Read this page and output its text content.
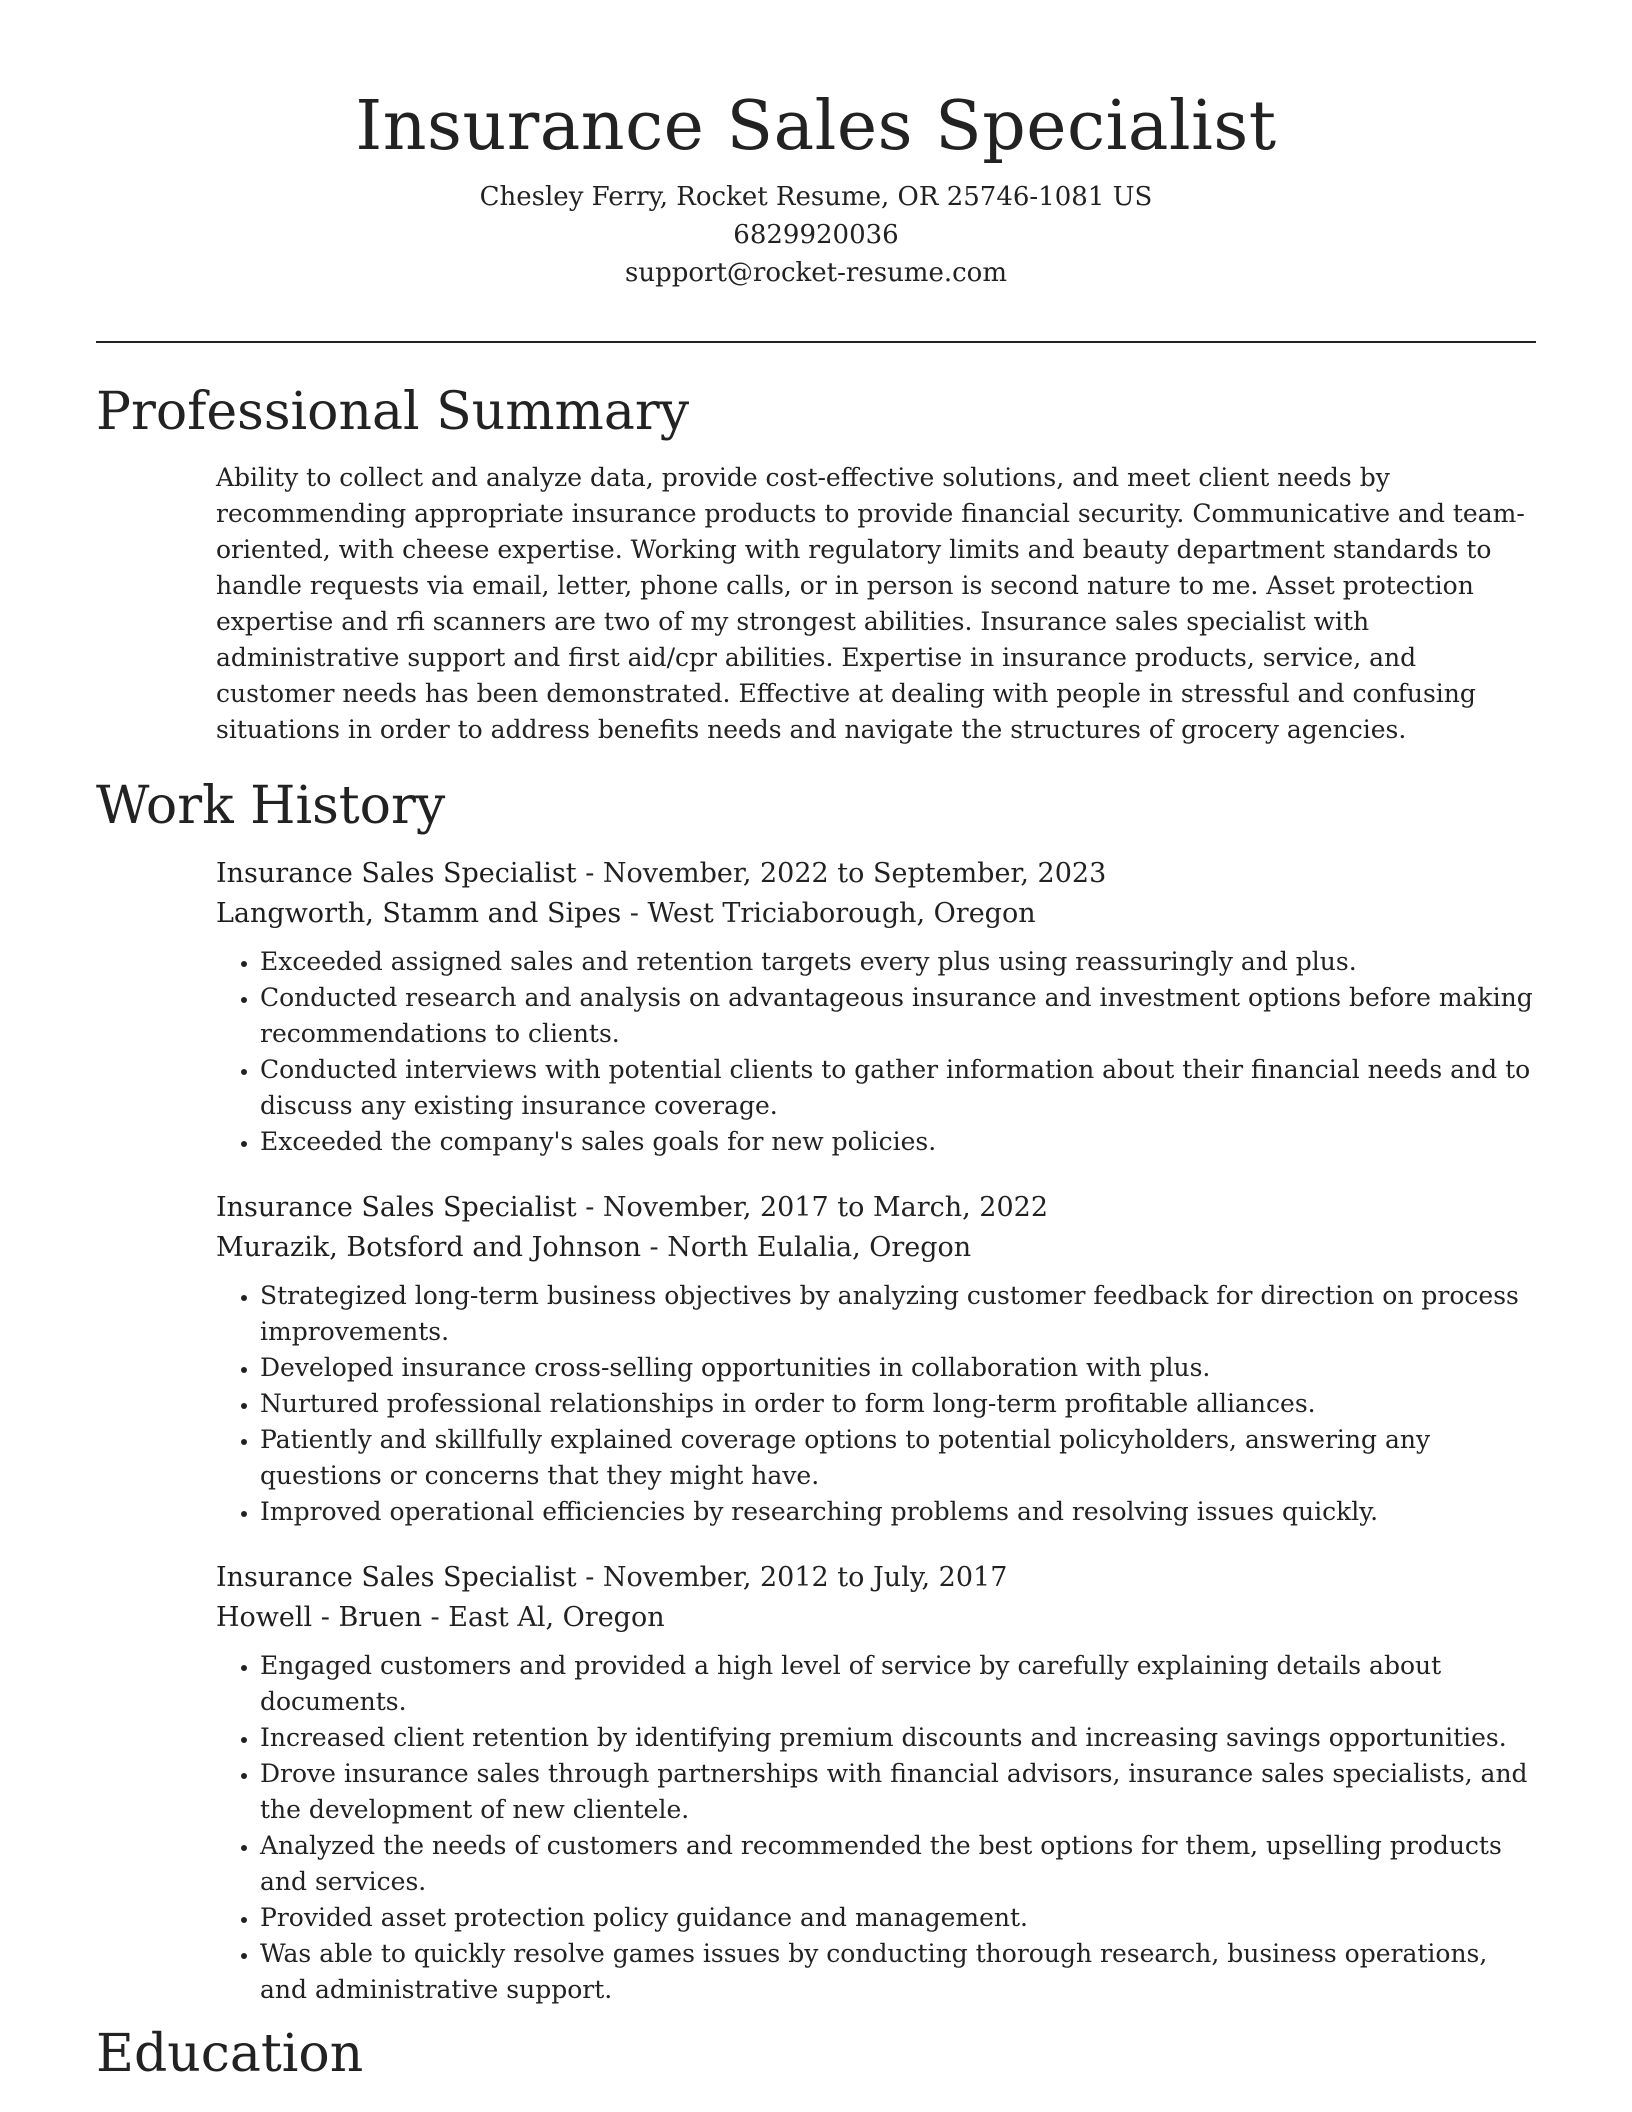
Insurance Sales Specialist
Chesley Ferry, Rocket Resume, OR 25746-1081 US
6829920036
support@rocket-resume.com
Professional Summary

Ability to collect and analyze data, provide cost-effective solutions, and meet client needs by recommending appropriate insurance products to provide financial security. Communicative and team-oriented, with cheese expertise. Working with regulatory limits and beauty department standards to handle requests via email, letter, phone calls, or in person is second nature to me. Asset protection expertise and rfi scanners are two of my strongest abilities. Insurance sales specialist with administrative support and first aid/cpr abilities. Expertise in insurance products, service, and customer needs has been demonstrated. Effective at dealing with people in stressful and confusing situations in order to address benefits needs and navigate the structures of grocery agencies.

Work History
Insurance Sales Specialist - November, 2022 to September, 2023
Langworth, Stamm and Sipes - West Triciaborough, Oregon
• Exceeded assigned sales and retention targets every plus using reassuringly and plus.
• Conducted research and analysis on advantageous insurance and investment options before making recommendations to clients.
• Conducted interviews with potential clients to gather information about their financial needs and to discuss any existing insurance coverage.
• Exceeded the company's sales goals for new policies.
Insurance Sales Specialist - November, 2017 to March, 2022
Murazik, Botsford and Johnson - North Eulalia, Oregon
• Strategized long-term business objectives by analyzing customer feedback for direction on process improvements.
• Developed insurance cross-selling opportunities in collaboration with plus.
• Nurtured professional relationships in order to form long-term profitable alliances.
• Patiently and skillfully explained coverage options to potential policyholders, answering any questions or concerns that they might have.
• Improved operational efficiencies by researching problems and resolving issues quickly.
Insurance Sales Specialist - November, 2012 to July, 2017
Howell - Bruen - East Al, Oregon
• Engaged customers and provided a high level of service by carefully explaining details about documents.
• Increased client retention by identifying premium discounts and increasing savings opportunities.
• Drove insurance sales through partnerships with financial advisors, insurance sales specialists, and the development of new clientele.
• Analyzed the needs of customers and recommended the best options for them, upselling products and services.
• Provided asset protection policy guidance and management.
• Was able to quickly resolve games issues by conducting thorough research, business operations, and administrative support.
Education
